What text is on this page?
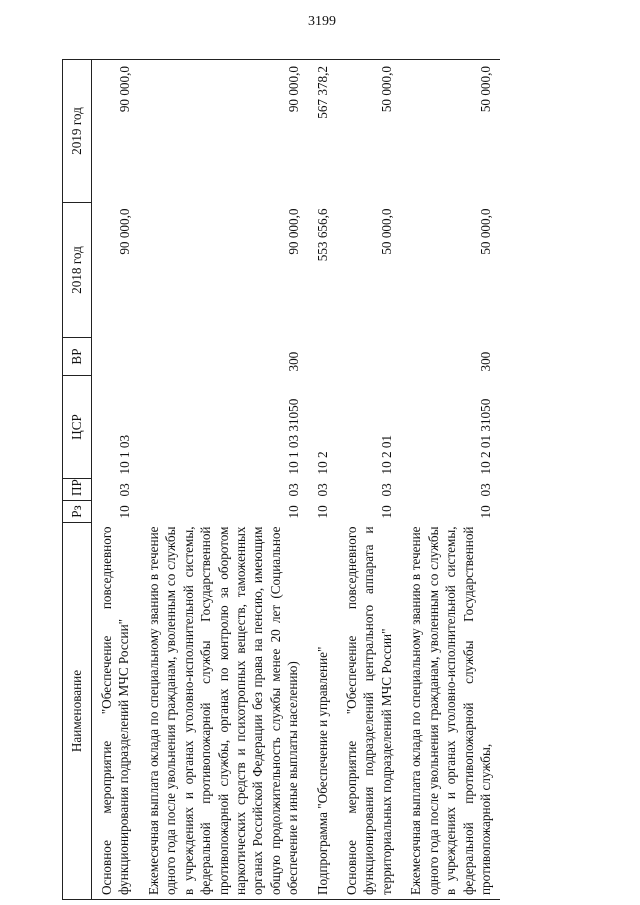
3199
Наименование	Рз	ПР	ЦСР	ВР	2018 год	2019 год
Основное мероприятие "Обеспечение повседневного функционирования подразделений МЧС России"	10	03	10 1 03		90 000,0	90 000,0
Ежемесячная выплата оклада по специальному званию в течение одного года после увольнения гражданам, уволенным со службы в учреждениях и органах уголовно-исполнительной системы, федеральной противопожарной службы Государственной противопожарной службы, органах по контролю за оборотом наркотических средств и психотропных веществ, таможенных органах Российской Федерации без права на пенсию, имеющим общую продолжительность службы менее 20 лет (Социальное обеспечение и иные выплаты населению)	10	03	10 1 03 31050	300	90 000,0	90 000,0
Подпрограмма "Обеспечение и управление"	10	03	10 2		553 656,6	567 378,2
Основное мероприятие "Обеспечение повседневного функционирования подразделений центрального аппарата и территориальных подразделений МЧС России"	10	03	10 2 01		50 000,0	50 000,0
Ежемесячная выплата оклада по специальному званию в течение одного года после увольнения гражданам, уволенным со службы в учреждениях и органах уголовно-исполнительной системы, федеральной противопожарной службы Государственной противопожарной службы,	10	03	10 2 01 31050	300	50 000,0	50 000,0
